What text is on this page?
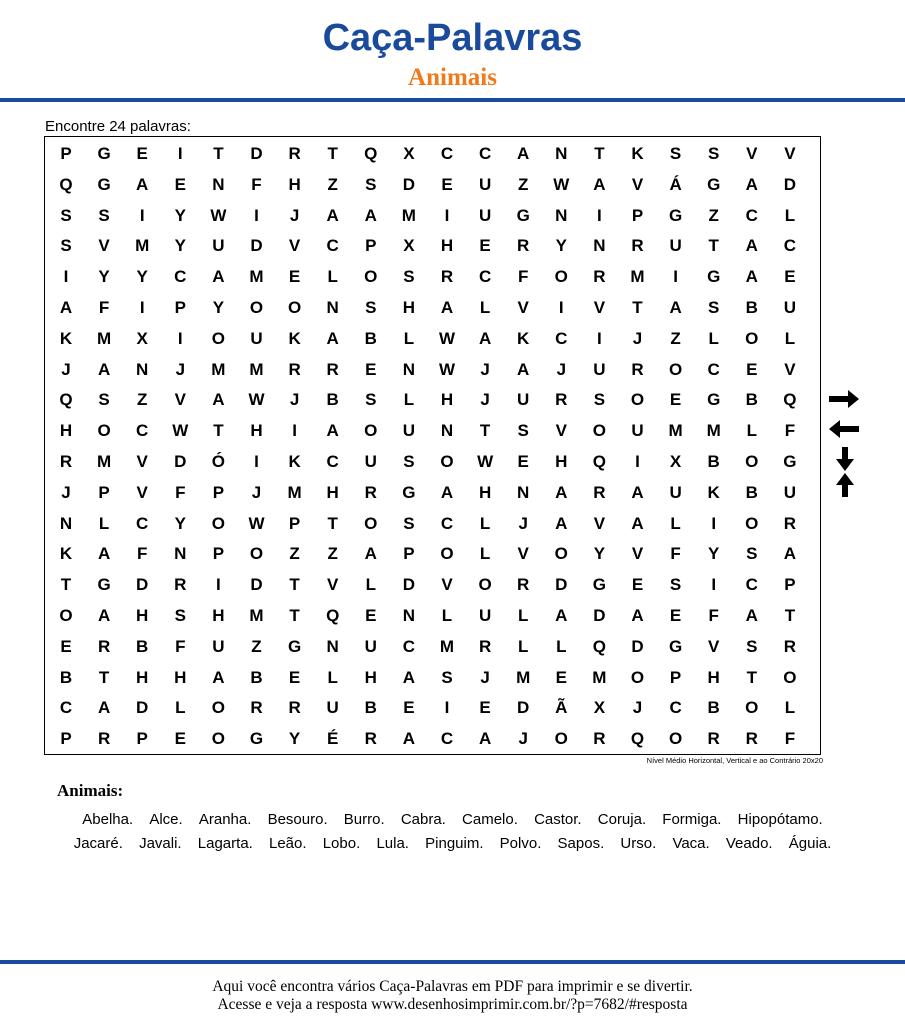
Caça-Palavras
Animais
Encontre 24 palavras:
P	G	E	I	T	D	R	T	Q	X	C	C	A	N	T	K	S	S	V	V
Q	G	A	E	N	F	H	Z	S	D	E	U	Z	W	A	V	Á	G	A	D
S	S	I	Y	W	I	J	A	A	M	I	U	G	N	I	P	G	Z	C	L
S	V	M	Y	U	D	V	C	P	X	H	E	R	Y	N	R	U	T	A	C
I	Y	Y	C	A	M	E	L	O	S	R	C	F	O	R	M	I	G	A	E
A	F	I	P	Y	O	O	N	S	H	A	L	V	I	V	T	A	S	B	U
K	M	X	I	O	U	K	A	B	L	W	A	K	C	I	J	Z	L	O	L
J	A	N	J	M	M	R	R	E	N	W	J	A	J	U	R	O	C	E	V
Q	S	Z	V	A	W	J	B	S	L	H	J	U	R	S	O	E	G	B	Q
H	O	C	W	T	H	I	A	O	U	N	T	S	V	O	U	M	M	L	F
R	M	V	D	Ó	I	K	C	U	S	O	W	E	H	Q	I	X	B	O	G
J	P	V	F	P	J	M	H	R	G	A	H	N	A	R	A	U	K	B	U
N	L	C	Y	O	W	P	T	O	S	C	L	J	A	V	A	L	I	O	R
K	A	F	N	P	O	Z	Z	A	P	O	L	V	O	Y	V	F	Y	S	A
T	G	D	R	I	D	T	V	L	D	V	O	R	D	G	E	S	I	C	P
O	A	H	S	H	M	T	Q	E	N	L	U	L	A	D	A	E	F	A	T
E	R	B	F	U	Z	G	N	U	C	M	R	L	L	Q	D	G	V	S	R
B	T	H	H	A	B	E	L	H	A	S	J	M	E	M	O	P	H	T	O
C	A	D	L	O	R	R	U	B	E	I	E	D	Ã	X	J	C	B	O	L
P	R	P	E	O	G	Y	É	R	A	C	A	J	O	R	Q	O	R	R	F
Nível Médio Horizontal, Vertical e ao Contrário 20x20
Animais:
Abelha. Alce. Aranha. Besouro. Burro. Cabra. Camelo. Castor. Coruja. Formiga. Hipopótamo. Jacaré. Javali. Lagarta. Leão. Lobo. Lula. Pinguim. Polvo. Sapos. Urso. Vaca. Veado. Águia.
Aqui você encontra vários Caça-Palavras em PDF para imprimir e se divertir.
Acesse e veja a resposta www.desenhosimprimir.com.br/?p=7682/#resposta
